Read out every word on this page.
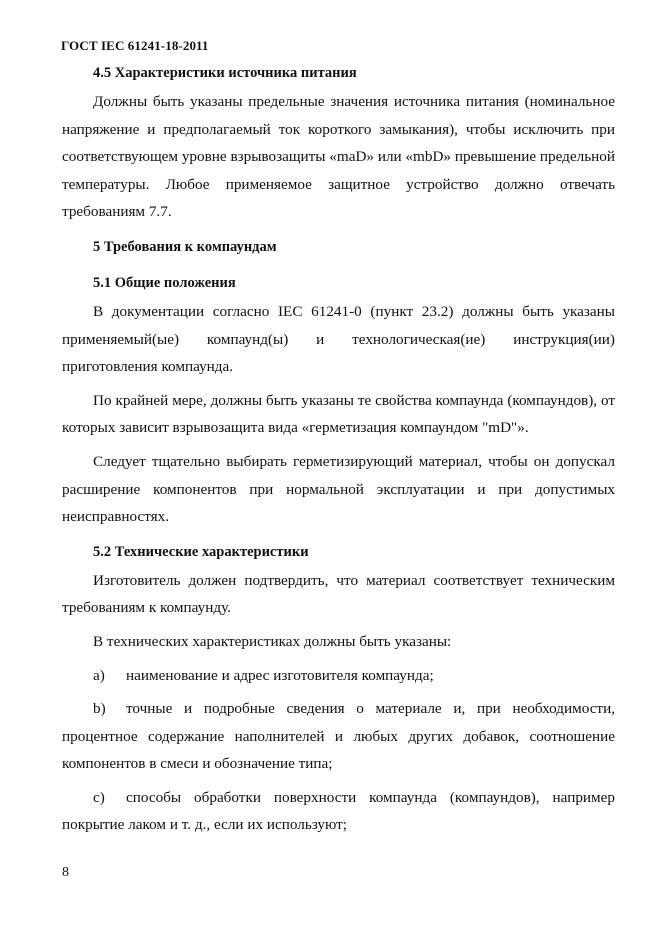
ГОСТ IEC 61241-18-2011

4.5 Характеристики источника питания

Должны быть указаны предельные значения источника питания (номинальное напряжение и предполагаемый ток короткого замыкания), чтобы исключить при соответствующем уровне взрывозащиты «maD» или «mbD» превышение предельной температуры. Любое применяемое защитное устройство должно отвечать требованиям 7.7.

5 Требования к компаундам

5.1 Общие положения

В документации согласно IEC 61241-0 (пункт 23.2) должны быть указаны применяемый(ые) компаунд(ы) и технологическая(ие) инструкция(ии) приготовления компаунда.

По крайней мере, должны быть указаны те свойства компаунда (компаундов), от которых зависит взрывозащита вида «герметизация компаундом "mD"».

Следует тщательно выбирать герметизирующий материал, чтобы он допускал расширение компонентов при нормальной эксплуатации и при допустимых неисправностях.

5.2 Технические характеристики

Изготовитель должен подтвердить, что материал соответствует техническим требованиям к компаунду.

В технических характеристиках должны быть указаны:

a) наименование и адрес изготовителя компаунда;

b) точные и подробные сведения о материале и, при необходимости, процентное содержание наполнителей и любых других добавок, соотношение компонентов в смеси и обозначение типа;

c) способы обработки поверхности компаунда (компаундов), например покрытие лаком и т. д., если их используют;

8
